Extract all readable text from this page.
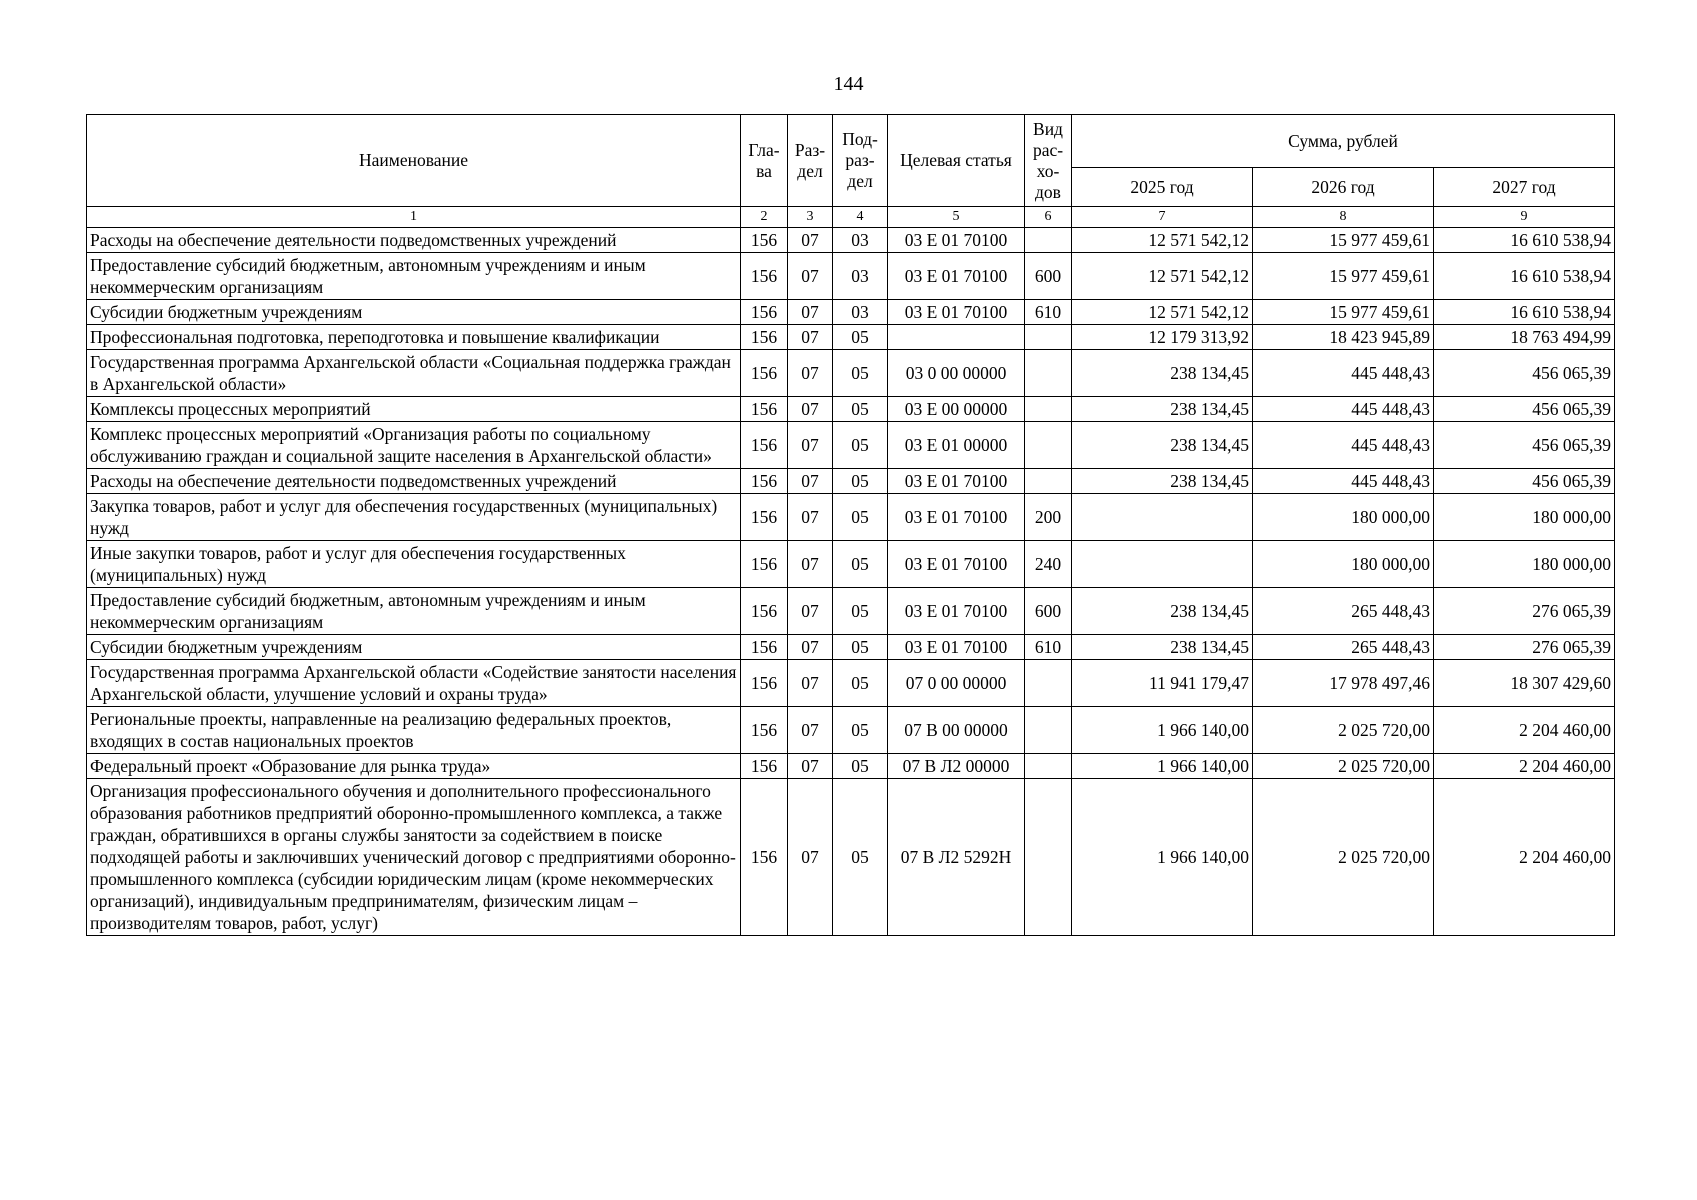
144
Наименование	Гла-ва	Раз-дел	Под-раз-дел	Целевая статья	Вид рас-хо-дов	Сумма, рублей		
						2025 год	2026 год	2027 год
1	2	3	4	5	6	7	8	9
Расходы на обеспечение деятельности подведомственных учреждений	156	07	03	03 Е 01 70100		12 571 542,12	15 977 459,61	16 610 538,94
Предоставление субсидий бюджетным, автономным учреждениям и иным некоммерческим организациям	156	07	03	03 Е 01 70100	600	12 571 542,12	15 977 459,61	16 610 538,94
Субсидии бюджетным учреждениям	156	07	03	03 Е 01 70100	610	12 571 542,12	15 977 459,61	16 610 538,94
Профессиональная подготовка, переподготовка и повышение квалификации	156	07	05			12 179 313,92	18 423 945,89	18 763 494,99
Государственная программа Архангельской области «Социальная поддержка граждан в Архангельской области»	156	07	05	03 0 00 00000		238 134,45	445 448,43	456 065,39
Комплексы процессных мероприятий	156	07	05	03 Е 00 00000		238 134,45	445 448,43	456 065,39
Комплекс процессных мероприятий «Организация работы по социальному обслуживанию граждан и социальной защите населения в Архангельской области»	156	07	05	03 Е 01 00000		238 134,45	445 448,43	456 065,39
Расходы на обеспечение деятельности подведомственных учреждений	156	07	05	03 Е 01 70100		238 134,45	445 448,43	456 065,39
Закупка товаров, работ и услуг для обеспечения государственных (муниципальных) нужд	156	07	05	03 Е 01 70100	200		180 000,00	180 000,00
Иные закупки товаров, работ и услуг для обеспечения государственных (муниципальных) нужд	156	07	05	03 Е 01 70100	240		180 000,00	180 000,00
Предоставление субсидий бюджетным, автономным учреждениям и иным некоммерческим организациям	156	07	05	03 Е 01 70100	600	238 134,45	265 448,43	276 065,39
Субсидии бюджетным учреждениям	156	07	05	03 Е 01 70100	610	238 134,45	265 448,43	276 065,39
Государственная программа Архангельской области «Содействие занятости населения Архангельской области, улучшение условий и охраны труда»	156	07	05	07 0 00 00000		11 941 179,47	17 978 497,46	18 307 429,60
Региональные проекты, направленные на реализацию федеральных проектов, входящих в состав национальных проектов	156	07	05	07 В 00 00000		1 966 140,00	2 025 720,00	2 204 460,00
Федеральный проект «Образование для рынка труда»	156	07	05	07 В Л2 00000		1 966 140,00	2 025 720,00	2 204 460,00
Организация профессионального обучения и дополнительного профессионального образования работников предприятий оборонно-промышленного комплекса, а также граждан, обратившихся в органы службы занятости за содействием в поиске подходящей работы и заключивших ученический договор с предприятиями оборонно-промышленного комплекса (субсидии юридическим лицам (кроме некоммерческих организаций), индивидуальным предпринимателям, физическим лицам – производителям товаров, работ, услуг)	156	07	05	07 В Л2 5292Н		1 966 140,00	2 025 720,00	2 204 460,00
